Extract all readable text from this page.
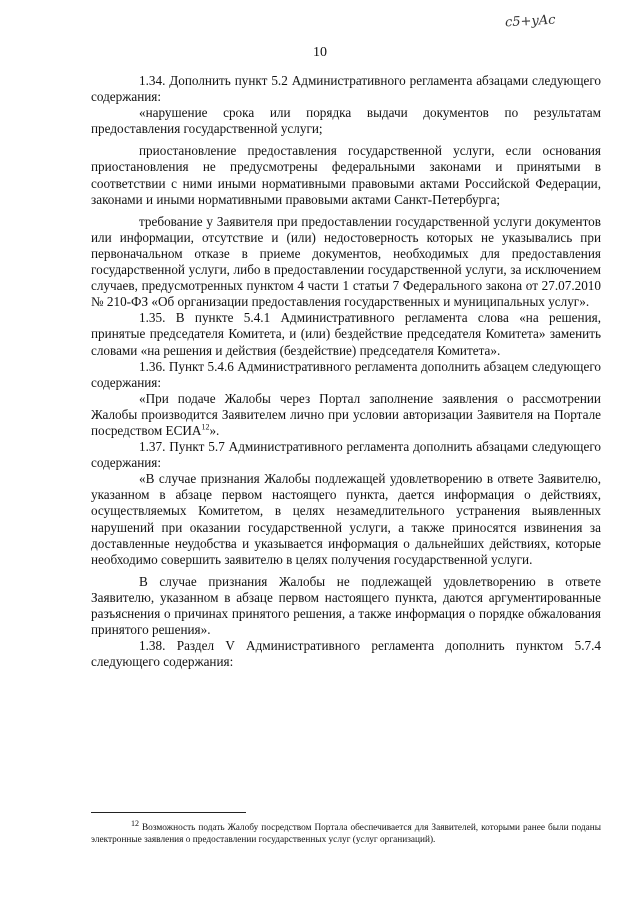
c5+yAc
10

1.34. Дополнить пункт 5.2 Административного регламента абзацами следующего содержания:

«нарушение срока или порядка выдачи документов по результатам предоставления государственной услуги;

приостановление предоставления государственной услуги, если основания приостановления не предусмотрены федеральными законами и принятыми в соответствии с ними иными нормативными правовыми актами Российской Федерации, законами и иными нормативными правовыми актами Санкт-Петербурга;

требование у Заявителя при предоставлении государственной услуги документов или информации, отсутствие и (или) недостоверность которых не указывались при первоначальном отказе в приеме документов, необходимых для предоставления государственной услуги, либо в предоставлении государственной услуги, за исключением случаев, предусмотренных пунктом 4 части 1 статьи 7 Федерального закона от 27.07.2010 № 210-ФЗ «Об организации предоставления государственных и муниципальных услуг».

1.35. В пункте 5.4.1 Административного регламента слова «на решения, принятые председателя Комитета, и (или) бездействие председателя Комитета» заменить словами «на решения и действия (бездействие) председателя Комитета».

1.36. Пункт 5.4.6 Административного регламента дополнить абзацем следующего содержания:

«При подаче Жалобы через Портал заполнение заявления о рассмотрении Жалобы производится Заявителем лично при условии авторизации Заявителя на Портале посредством ЕСИА$^{12}$».

1.37. Пункт 5.7 Административного регламента дополнить абзацами следующего содержания:

«В случае признания Жалобы подлежащей удовлетворению в ответе Заявителю, указанном в абзаце первом настоящего пункта, дается информация о действиях, осуществляемых Комитетом, в целях незамедлительного устранения выявленных нарушений при оказании государственной услуги, а также приносятся извинения за доставленные неудобства и указывается информация о дальнейших действиях, которые необходимо совершить заявителю в целях получения государственной услуги.

В случае признания Жалобы не подлежащей удовлетворению в ответе Заявителю, указанном в абзаце первом настоящего пункта, даются аргументированные разъяснения о причинах принятого решения, а также информация о порядке обжалования принятого решения».

1.38. Раздел V Административного регламента дополнить пунктом 5.7.4 следующего содержания:

$^{12}$ Возможность подать Жалобу посредством Портала обеспечивается для Заявителей, которыми ранее были поданы электронные заявления о предоставлении государственных услуг (услуг организаций).
